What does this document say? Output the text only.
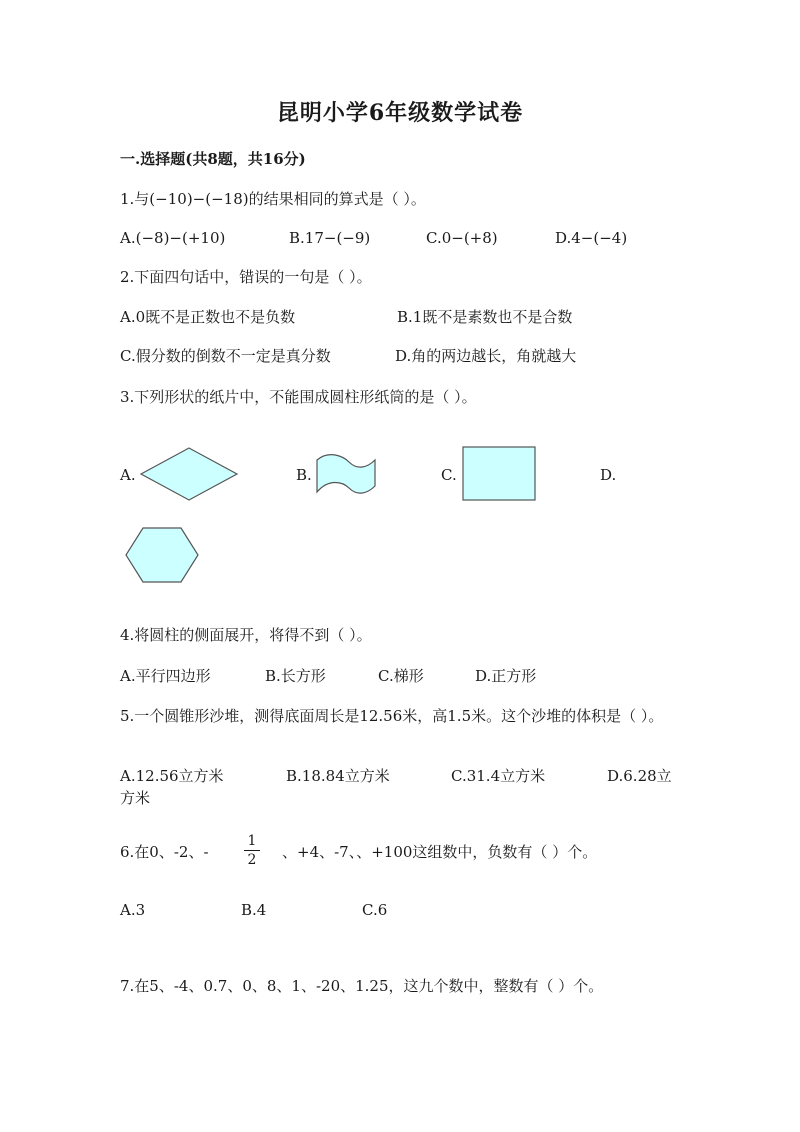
昆明小学6年级数学试卷
一.选择题(共8题，共16分)
1.与(−10)−(−18)的结果相同的算式是（ ）。
A.(−8)−(+10)	B.17−(−9)	C.0−(+8)	D.4−(−4)
2.下面四句话中，错误的一句是（ ）。
A.0既不是正数也不是负数	B.1既不是素数也不是合数
C.假分数的倒数不一定是真分数	D.角的两边越长，角就越大
3.下列形状的纸片中，不能围成圆柱形纸筒的是（ ）。
A.	B.	C.	D.
4.将圆柱的侧面展开，将得不到（ ）。
A.平行四边形	B.长方形	C.梯形	D.正方形
5.一个圆锥形沙堆，测得底面周长是12.56米，高1.5米。这个沙堆的体积是（ ）。
A.12.56立方米	B.18.84立方米	C.31.4立方米	D.6.28立方米
6.在0、-2、-
1
2 、+4、-7、、+100这组数中，负数有（ ）个。
A.3	B.4	C.6
7.在5、-4、0.7、0、8、1、-20、1.25，这九个数中，整数有（ ）个。
